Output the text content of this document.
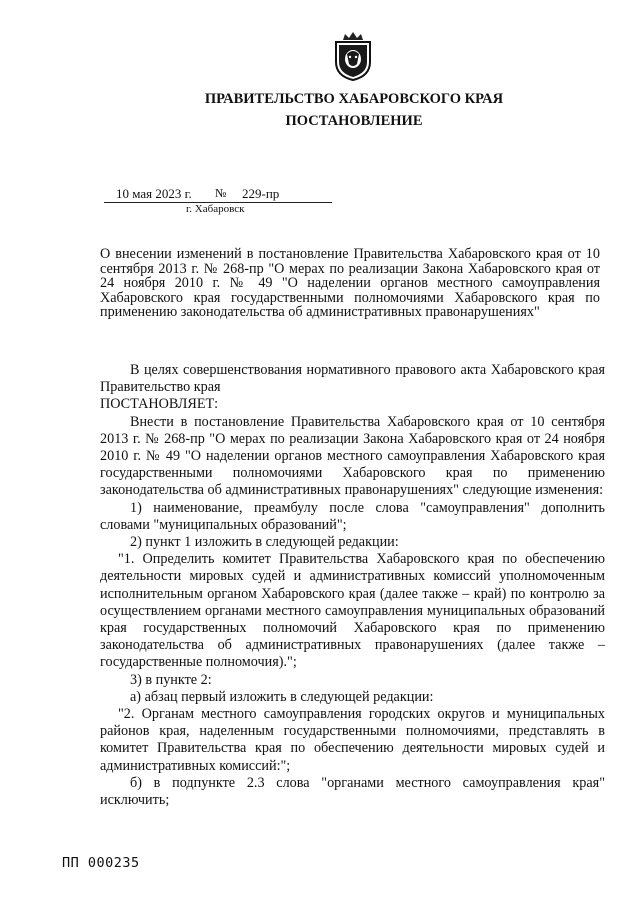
ПРАВИТЕЛЬСТВО ХАБАРОВСКОГО КРАЯ
ПОСТАНОВЛЕНИЕ
10 мая 2023 г. № 229-пр
г. Хабаровск
О внесении изменений в постановление Правительства Хабаровского края от 10 сентября 2013 г. № 268-пр "О мерах по реализации Закона Хабаровского края от 24 ноября 2010 г. № 49 "О наделении органов местного самоуправления Хабаровского края государственными полномочиями Хабаровского края по применению законодательства об административных правонарушениях"

В целях совершенствования нормативного правового акта Хабаровского края Правительство края

ПОСТАНОВЛЯЕТ:

Внести в постановление Правительства Хабаровского края от 10 сентября 2013 г. № 268-пр "О мерах по реализации Закона Хабаровского края от 24 ноября 2010 г. № 49 "О наделении органов местного самоуправления Хабаровского края государственными полномочиями Хабаровского края по применению законодательства об административных правонарушениях" следующие изменения:

1) наименование, преамбулу после слова "самоуправления" дополнить словами "муниципальных образований";

2) пункт 1 изложить в следующей редакции:

"1. Определить комитет Правительства Хабаровского края по обеспечению деятельности мировых судей и административных комиссий уполномоченным исполнительным органом Хабаровского края (далее также – край) по контролю за осуществлением органами местного самоуправления муниципальных образований края государственных полномочий Хабаровского края по применению законодательства об административных правонарушениях (далее также – государственные полномочия).";

3) в пункте 2:

а) абзац первый изложить в следующей редакции:

"2. Органам местного самоуправления городских округов и муниципальных районов края, наделенным государственными полномочиями, представлять в комитет Правительства края по обеспечению деятельности мировых судей и административных комиссий:";

б) в подпункте 2.3 слова "органами местного самоуправления края" исключить;

ПП 000235
